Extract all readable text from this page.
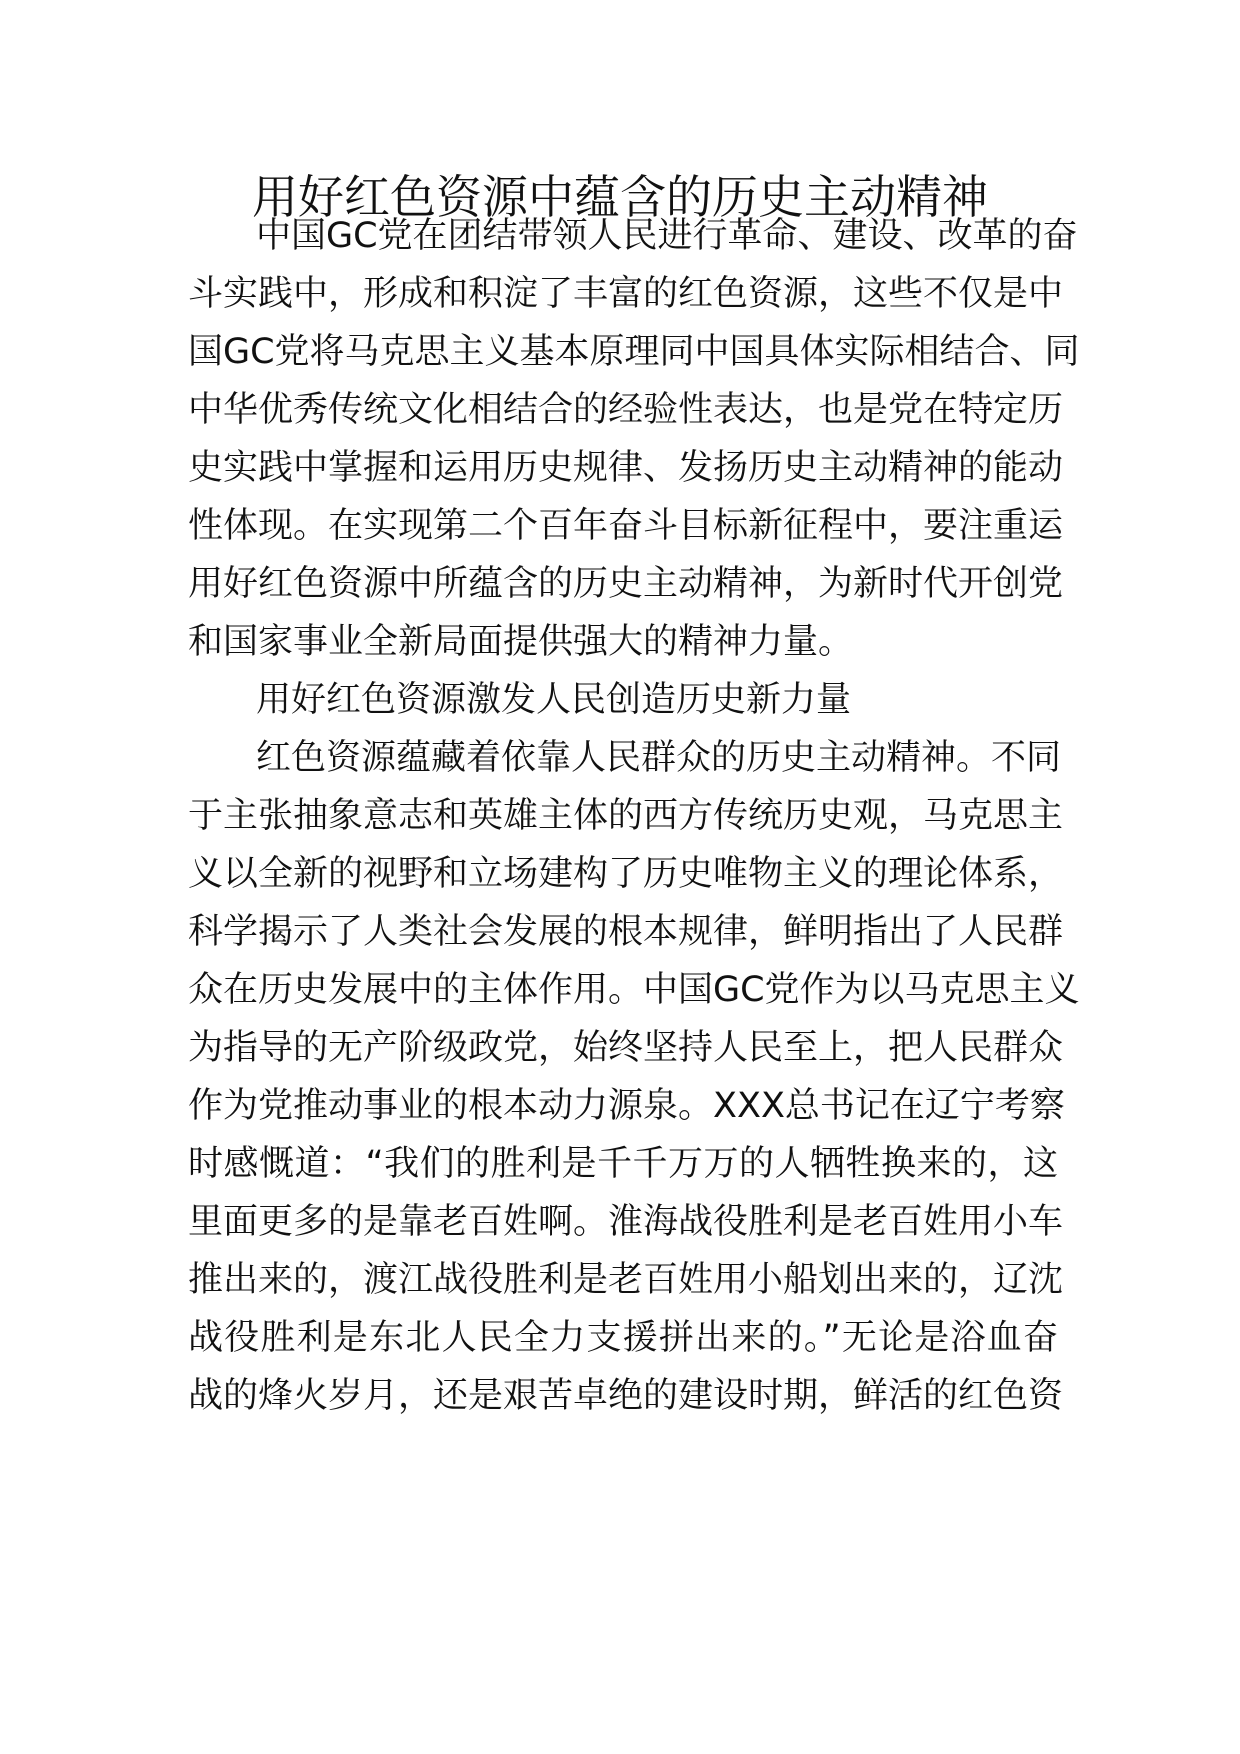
用好红色资源中蕴含的历史主动精神
中国GC党在团结带领人民进行革命、建设、改革的奋
斗实践中，形成和积淀了丰富的红色资源，这些不仅是中
国GC党将马克思主义基本原理同中国具体实际相结合、同
中华优秀传统文化相结合的经验性表达，也是党在特定历
史实践中掌握和运用历史规律、发扬历史主动精神的能动
性体现。在实现第二个百年奋斗目标新征程中，要注重运
用好红色资源中所蕴含的历史主动精神，为新时代开创党
和国家事业全新局面提供强大的精神力量。
用好红色资源激发人民创造历史新力量
红色资源蕴藏着依靠人民群众的历史主动精神。不同
于主张抽象意志和英雄主体的西方传统历史观，马克思主
义以全新的视野和立场建构了历史唯物主义的理论体系，
科学揭示了人类社会发展的根本规律，鲜明指出了人民群
众在历史发展中的主体作用。中国GC党作为以马克思主义
为指导的无产阶级政党，始终坚持人民至上，把人民群众
作为党推动事业的根本动力源泉。XXX总书记在辽宁考察
时感慨道：“我们的胜利是千千万万的人牺牲换来的，这
里面更多的是靠老百姓啊。淮海战役胜利是老百姓用小车
推出来的，渡江战役胜利是老百姓用小船划出来的，辽沈
战役胜利是东北人民全力支援拼出来的。”无论是浴血奋
战的烽火岁月，还是艰苦卓绝的建设时期，鲜活的红色资
